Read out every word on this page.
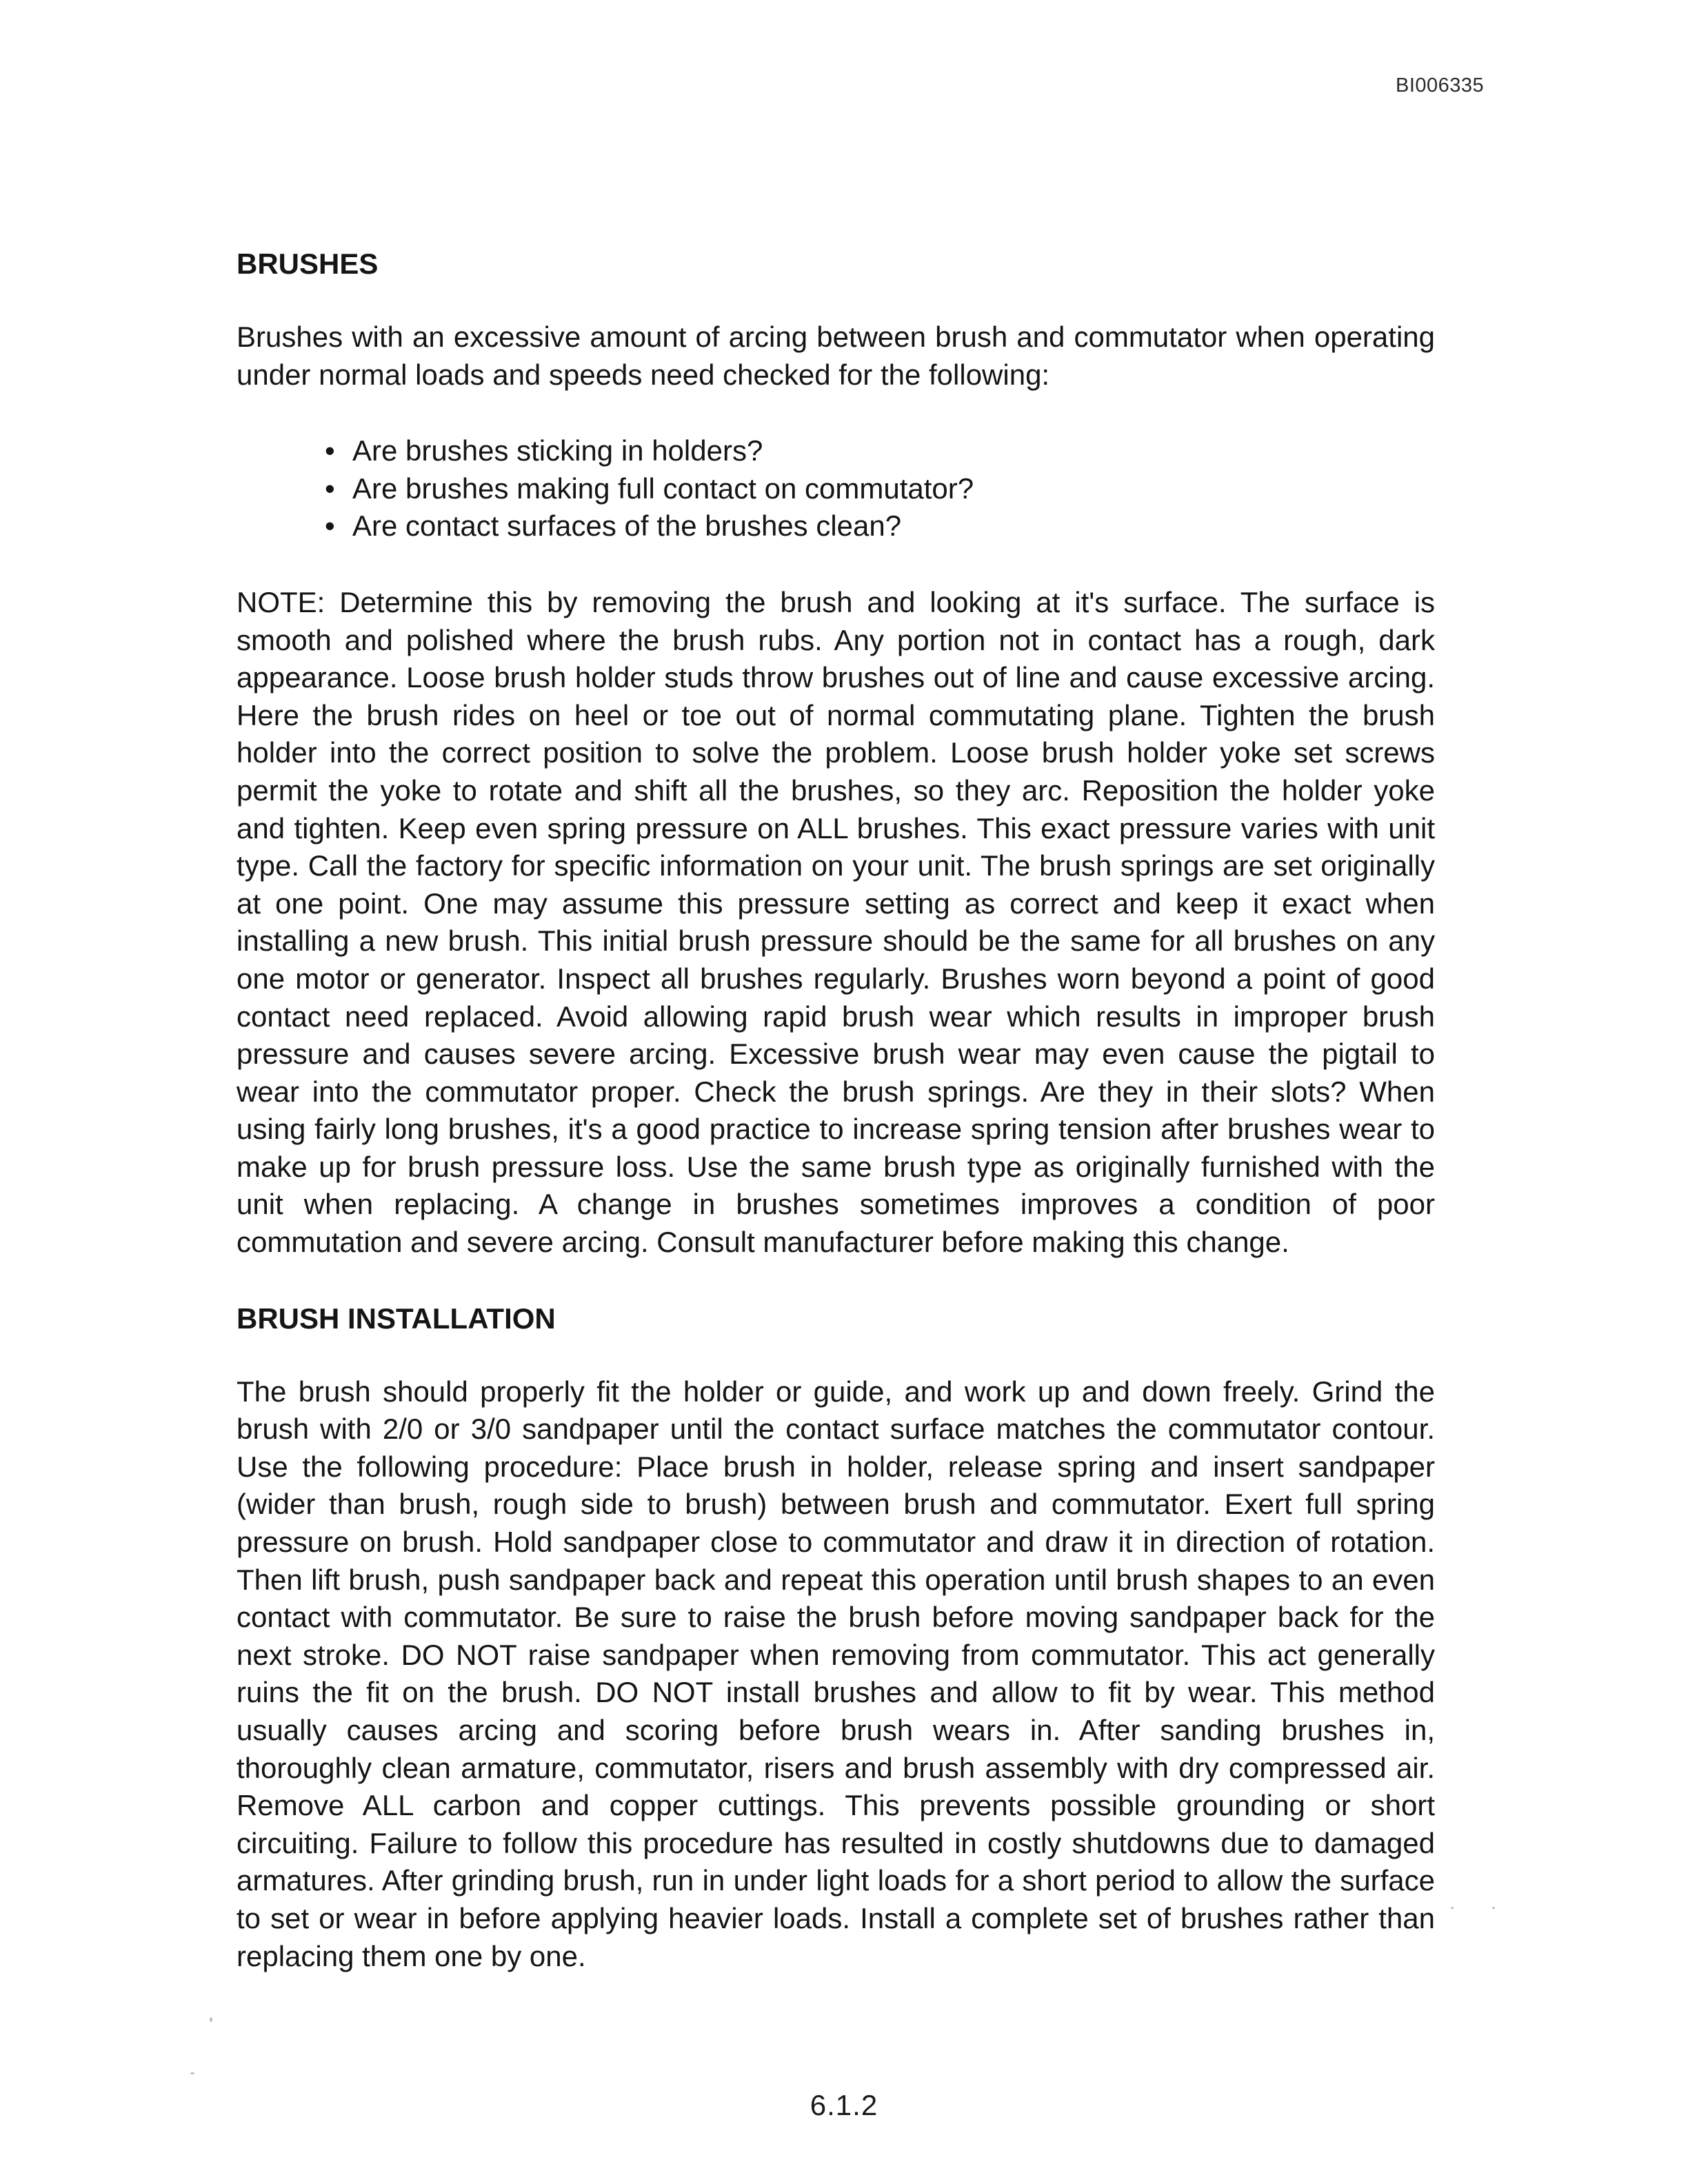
BI006335
BRUSHES

Brushes with an excessive amount of arcing between brush and commutator when operating under normal loads and speeds need checked for the following:

• Are brushes sticking in holders?
• Are brushes making full contact on commutator?
• Are contact surfaces of the brushes clean?

NOTE: Determine this by removing the brush and looking at it's surface. The surface is smooth and polished where the brush rubs. Any portion not in contact has a rough, dark appearance. Loose brush holder studs throw brushes out of line and cause excessive arcing. Here the brush rides on heel or toe out of normal commutating plane. Tighten the brush holder into the correct position to solve the problem. Loose brush holder yoke set screws permit the yoke to rotate and shift all the brushes, so they arc. Reposition the holder yoke and tighten. Keep even spring pressure on ALL brushes. This exact pressure varies with unit type. Call the factory for specific information on your unit. The brush springs are set originally at one point. One may assume this pressure setting as correct and keep it exact when installing a new brush. This initial brush pressure should be the same for all brushes on any one motor or generator. Inspect all brushes regularly. Brushes worn beyond a point of good contact need replaced. Avoid allowing rapid brush wear which results in improper brush pressure and causes severe arcing. Excessive brush wear may even cause the pigtail to wear into the commutator proper. Check the brush springs. Are they in their slots? When using fairly long brushes, it's a good practice to increase spring tension after brushes wear to make up for brush pressure loss. Use the same brush type as originally furnished with the unit when replacing. A change in brushes sometimes improves a condition of poor commutation and severe arcing. Consult manufacturer before making this change.

BRUSH INSTALLATION

The brush should properly fit the holder or guide, and work up and down freely. Grind the brush with 2/0 or 3/0 sandpaper until the contact surface matches the commutator contour. Use the following procedure: Place brush in holder, release spring and insert sandpaper (wider than brush, rough side to brush) between brush and commutator. Exert full spring pressure on brush. Hold sandpaper close to commutator and draw it in direction of rotation. Then lift brush, push sandpaper back and repeat this operation until brush shapes to an even contact with commutator. Be sure to raise the brush before moving sandpaper back for the next stroke. DO NOT raise sandpaper when removing from commutator. This act generally ruins the fit on the brush. DO NOT install brushes and allow to fit by wear. This method usually causes arcing and scoring before brush wears in. After sanding brushes in, thoroughly clean armature, commutator, risers and brush assembly with dry compressed air. Remove ALL carbon and copper cuttings. This prevents possible grounding or short circuiting. Failure to follow this procedure has resulted in costly shutdowns due to damaged armatures. After grinding brush, run in under light loads for a short period to allow the surface to set or wear in before applying heavier loads. Install a complete set of brushes rather than replacing them one by one.

6.1.2
